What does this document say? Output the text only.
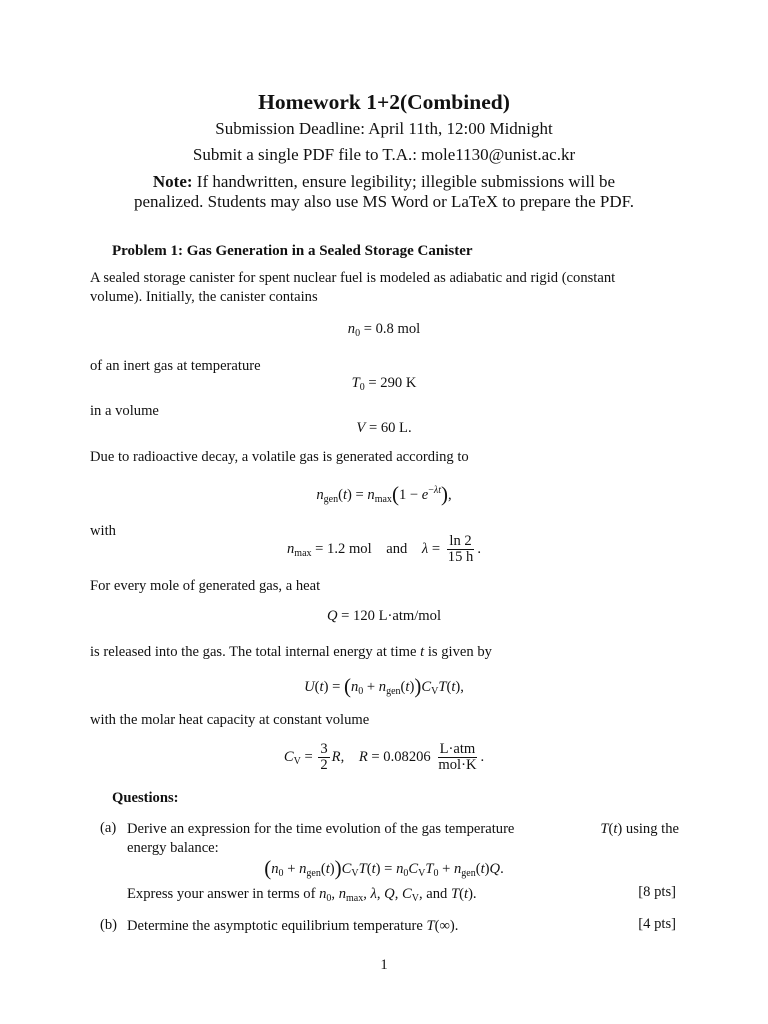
Homework 1+2(Combined)
Submission Deadline: April 11th, 12:00 Midnight
Submit a single PDF file to T.A.: mole1130@unist.ac.kr
Note: If handwritten, ensure legibility; illegible submissions will be
penalized. Students may also use MS Word or LaTeX to prepare the PDF.
Problem 1: Gas Generation in a Sealed Storage Canister
A sealed storage canister for spent nuclear fuel is modeled as adiabatic and rigid (constant
volume). Initially, the canister contains
$n_0 = 0.8$ mol
of an inert gas at temperature
$T_0 = 290$ K
in a volume
V = 60 L.
Due to radioactive decay, a volatile gas is generated according to
$n_{gen}(t) = n_{max}(1 - e^{-\lambda t})$,
with
$n_{max} = 1.2$ mol and $\lambda = \frac{\ln 2}{15 h}$ .
For every mole of generated gas, a heat
Q = 120 L·atm/mol
is released into the gas. The total internal energy at time t is given by
$U(t) = (n_0 + n_{gen}(t))C_VT(t)$,
with the molar heat capacity at constant volume
$C_V = \frac{3}{2} R$,    $R = 0.08206 \frac{\text{L·atm}}{\text{mol·K}}$ .
Questions:
(a) Derive an expression for the time evolution of the gas temperature	T(t) using the
energy balance:
$(n_0 + n_{gen}(t))C_VT(t) = n_0C_VT_0 + n_{gen}(t)Q$.
Express your answer in terms of $n_0$, $n_{max}$, λ, Q, $C_V$, and T(t).	[8 pts]
(b) Determine the asymptotic equilibrium temperature T(∞).	[4 pts]
1
